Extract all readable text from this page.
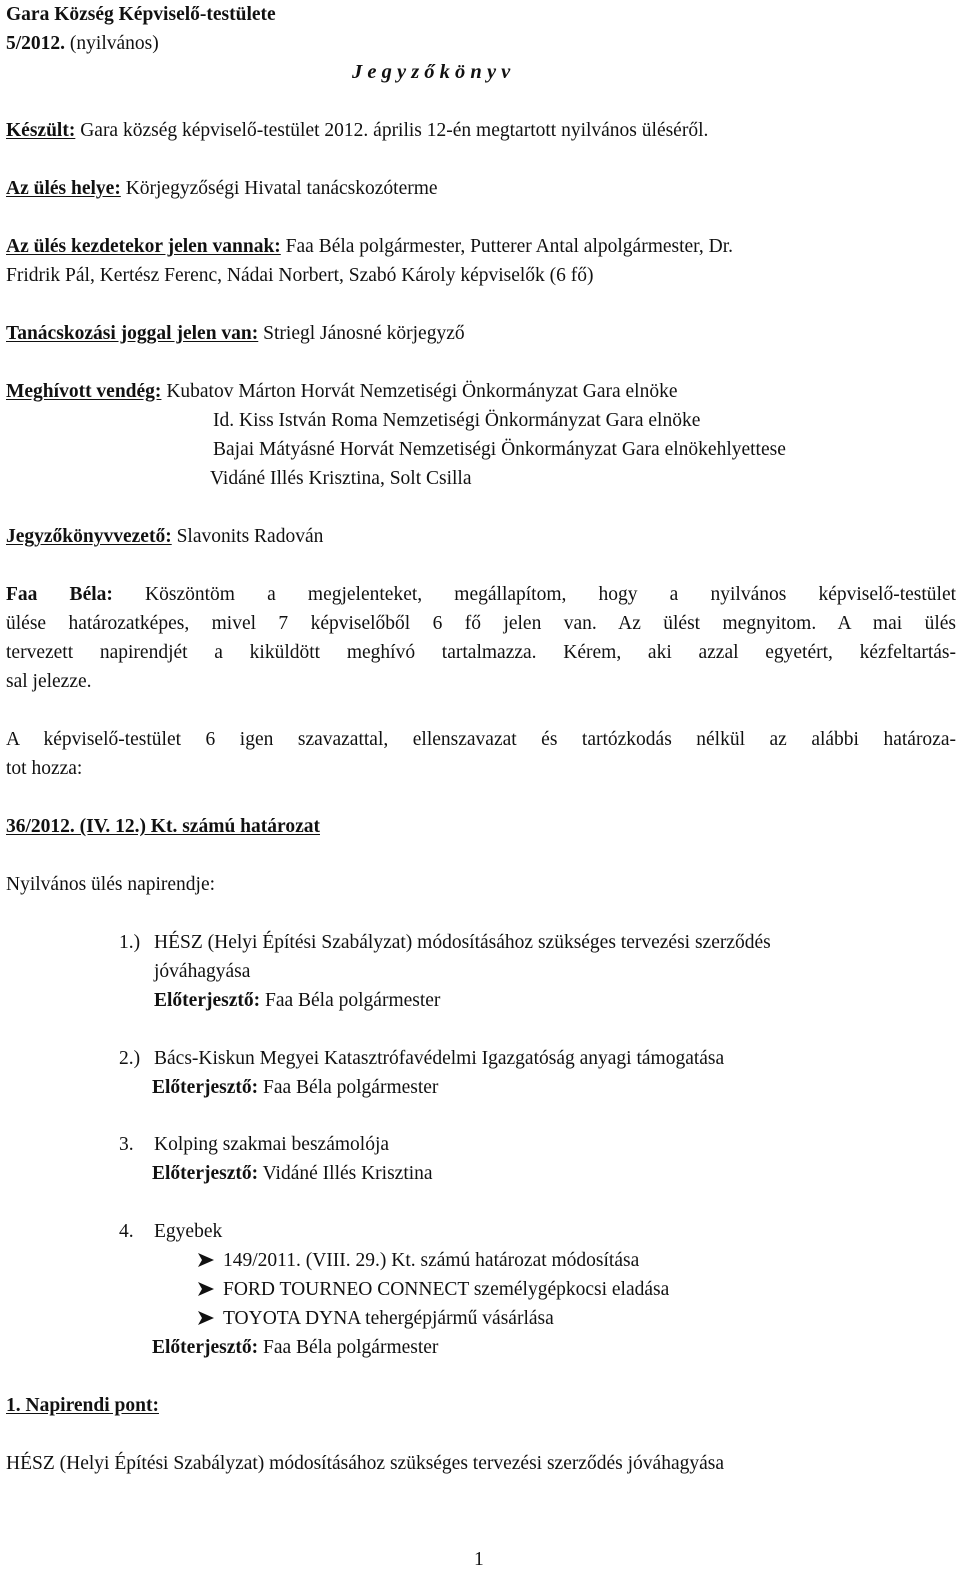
Gara Község Képviselő-testülete
5/2012. (nyilvános)
J e g y z ő k ö n y v
Készült: Gara község képviselő-testület 2012. április 12-én megtartott nyilvános üléséről.
Az ülés helye: Körjegyzőségi Hivatal tanácskozóterme
Az ülés kezdetekor jelen vannak: Faa Béla polgármester, Putterer Antal alpolgármester, Dr.
Fridrik Pál, Kertész Ferenc, Nádai Norbert, Szabó Károly képviselők (6 fő)
Tanácskozási joggal jelen van: Striegl Jánosné körjegyző
Meghívott vendég: Kubatov Márton Horvát Nemzetiségi Önkormányzat Gara elnöke
Id. Kiss István Roma Nemzetiségi Önkormányzat Gara elnöke
Bajai Mátyásné Horvát Nemzetiségi Önkormányzat Gara elnökehlyettese
Vidáné Illés Krisztina, Solt Csilla
Jegyzőkönyvvezető: Slavonits Radován
Faa Béla: Köszöntöm a megjelenteket, megállapítom, hogy a nyilvános képviselő-testület
ülése határozatképes, mivel 7 képviselőből 6 fő jelen van. Az ülést megnyitom. A mai ülés
tervezett napirendjét a kiküldött meghívó tartalmazza. Kérem, aki azzal egyetért, kézfeltartás-
sal jelezze.
A képviselő-testület 6 igen szavazattal, ellenszavazat és tartózkodás nélkül az alábbi határoza-
tot hozza:
36/2012. (IV. 12.) Kt. számú határozat
Nyilvános ülés napirendje:
1.) HÉSZ (Helyi Építési Szabályzat) módosításához szükséges tervezési szerződés
jóváhagyása
Előterjesztő: Faa Béla polgármester
2.) Bács-Kiskun Megyei Katasztrófavédelmi Igazgatóság anyagi támogatása
Előterjesztő: Faa Béla polgármester
3. Kolping szakmai beszámolója
Előterjesztő: Vidáné Illés Krisztina
4. Egyebek
149/2011. (VIII. 29.) Kt. számú határozat módosítása
FORD TOURNEO CONNECT személygépkocsi eladása
TOYOTA DYNA tehergépjármű vásárlása
Előterjesztő: Faa Béla polgármester
1. Napirendi pont:
HÉSZ (Helyi Építési Szabályzat) módosításához szükséges tervezési szerződés jóváhagyása
1
